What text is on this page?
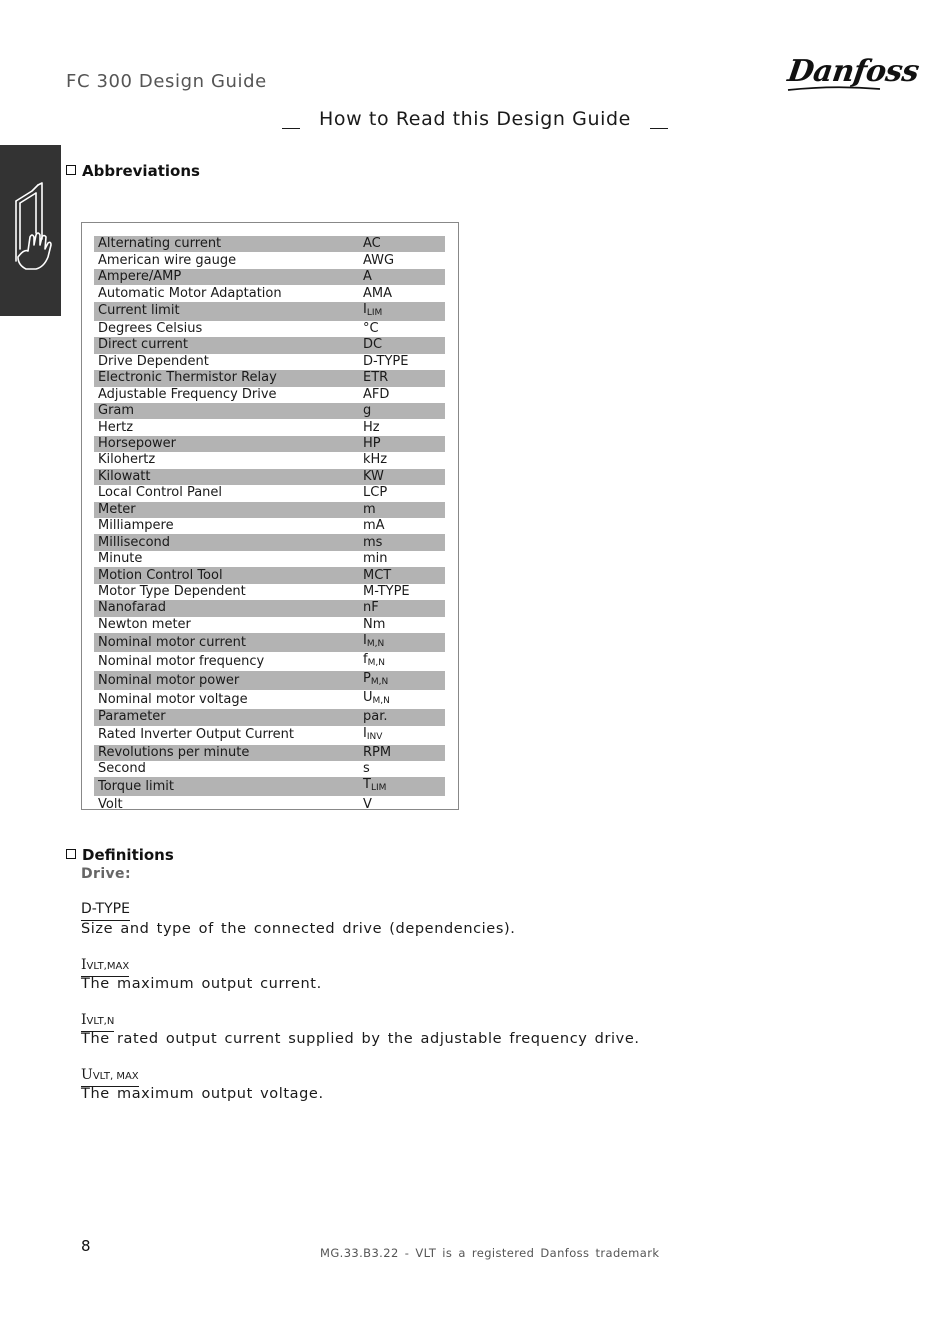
FC 300 Design Guide	Danfoss
How to Read this Design Guide
Abbreviations
Alternating current	AC
American wire gauge	AWG
Ampere/AMP	A
Automatic Motor Adaptation	AMA
Current limit	$I_{LIM}$
Degrees Celsius	°C
Direct current	DC
Drive Dependent	D-TYPE
Electronic Thermistor Relay	ETR
Adjustable Frequency Drive	AFD
Gram	g
Hertz	Hz
Horsepower	HP
Kilohertz	kHz
Kilowatt	KW
Local Control Panel	LCP
Meter	m
Milliampere	mA
Millisecond	ms
Minute	min
Motion Control Tool	MCT
Motor Type Dependent	M-TYPE
Nanofarad	nF
Newton meter	Nm
Nominal motor current	$I_{M,N}$
Nominal motor frequency	$f_{M,N}$
Nominal motor power	$P_{M,N}$
Nominal motor voltage	$U_{M,N}$
Parameter	par.
Rated Inverter Output Current	$I_{INV}$
Revolutions per minute	RPM
Second	s
Torque limit	$T_{LIM}$
Volt	V
Definitions
Drive:
D-TYPE
Size and type of the connected drive (dependencies).
IVLT,MAX
The maximum output current.
IVLT,N
The rated output current supplied by the adjustable frequency drive.
UVLT, MAX
The maximum output voltage.
8	MG.33.B3.22 - VLT is a registered Danfoss trademark
